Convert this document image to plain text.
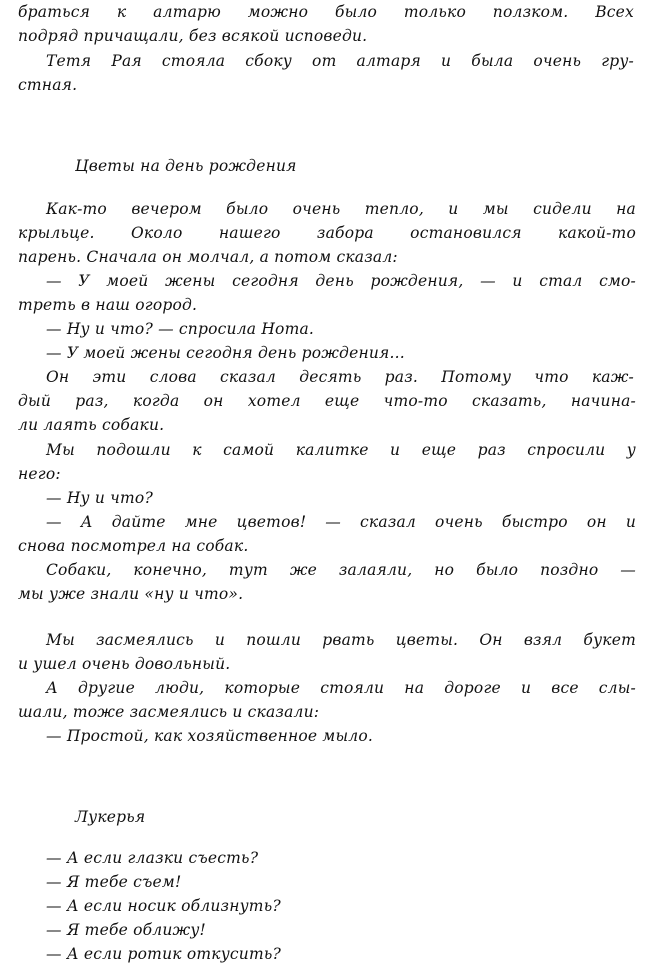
браться к алтарю можно было только ползком. Всех
подряд причащали, без всякой исповеди.
Тетя Рая стояла сбоку от алтаря и была очень гру-
стная.
Цветы на день рождения
Как-то вечером было очень тепло, и мы сидели на
крыльце. Около нашего забора остановился какой-то
парень. Сначала он молчал, а потом сказал:
— У моей жены сегодня день рождения, — и стал смо-
треть в наш огород.
— Ну и что? — спросила Нота.
— У моей жены сегодня день рождения...
Он эти слова сказал десять раз. Потому что каж-
дый раз, когда он хотел еще что-то сказать, начина-
ли лаять собаки.
Мы подошли к самой калитке и еще раз спросили у
него:
— Ну и что?
— А дайте мне цветов! — сказал очень быстро он и
снова посмотрел на собак.
Собаки, конечно, тут же залаяли, но было поздно —
мы уже знали «ну и что».
Мы засмеялись и пошли рвать цветы. Он взял букет
и ушел очень довольный.
А другие люди, которые стояли на дороге и все слы-
шали, тоже засмеялись и сказали:
— Простой, как хозяйственное мыло.
Лукерья
— А если глазки съесть?
— Я тебе съем!
— А если носик облизнуть?
— Я тебе оближу!
— А если ротик откусить?
